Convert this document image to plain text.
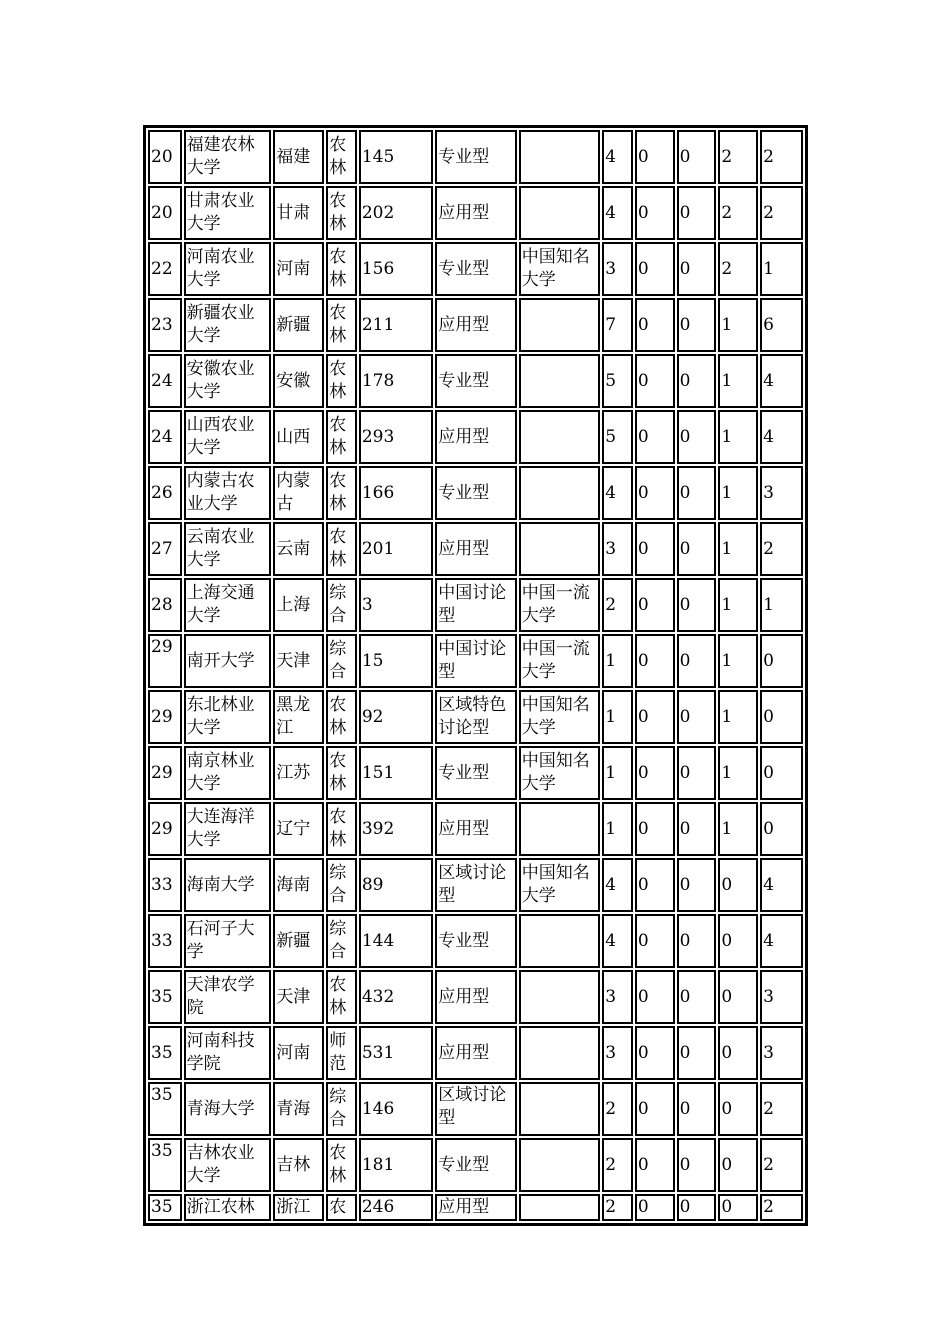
20	福建农林大学	福建	农林	145	专业型		4	0	0	2	2
20	甘肃农业大学	甘肃	农林	202	应用型		4	0	0	2	2
22	河南农业大学	河南	农林	156	专业型	中国知名大学	3	0	0	2	1
23	新疆农业大学	新疆	农林	211	应用型		7	0	0	1	6
24	安徽农业大学	安徽	农林	178	专业型		5	0	0	1	4
24	山西农业大学	山西	农林	293	应用型		5	0	0	1	4
26	内蒙古农业大学	内蒙古	农林	166	专业型		4	0	0	1	3
27	云南农业大学	云南	农林	201	应用型		3	0	0	1	2
28	上海交通大学	上海	综合	3	中国讨论型	中国一流大学	2	0	0	1	1
29	南开大学	天津	综合	15	中国讨论型	中国一流大学	1	0	0	1	0
29	东北林业大学	黑龙江	农林	92	区域特色讨论型	中国知名大学	1	0	0	1	0
29	南京林业大学	江苏	农林	151	专业型	中国知名大学	1	0	0	1	0
29	大连海洋大学	辽宁	农林	392	应用型		1	0	0	1	0
33	海南大学	海南	综合	89	区域讨论型	中国知名大学	4	0	0	0	4
33	石河子大学	新疆	综合	144	专业型		4	0	0	0	4
35	天津农学院	天津	农林	432	应用型		3	0	0	0	3
35	河南科技学院	河南	师范	531	应用型		3	0	0	0	3
35	青海大学	青海	综合	146	区域讨论型		2	0	0	0	2
35	吉林农业大学	吉林	农林	181	专业型		2	0	0	0	2
35	浙江农林	浙江	农	246	应用型		2	0	0	0	2
